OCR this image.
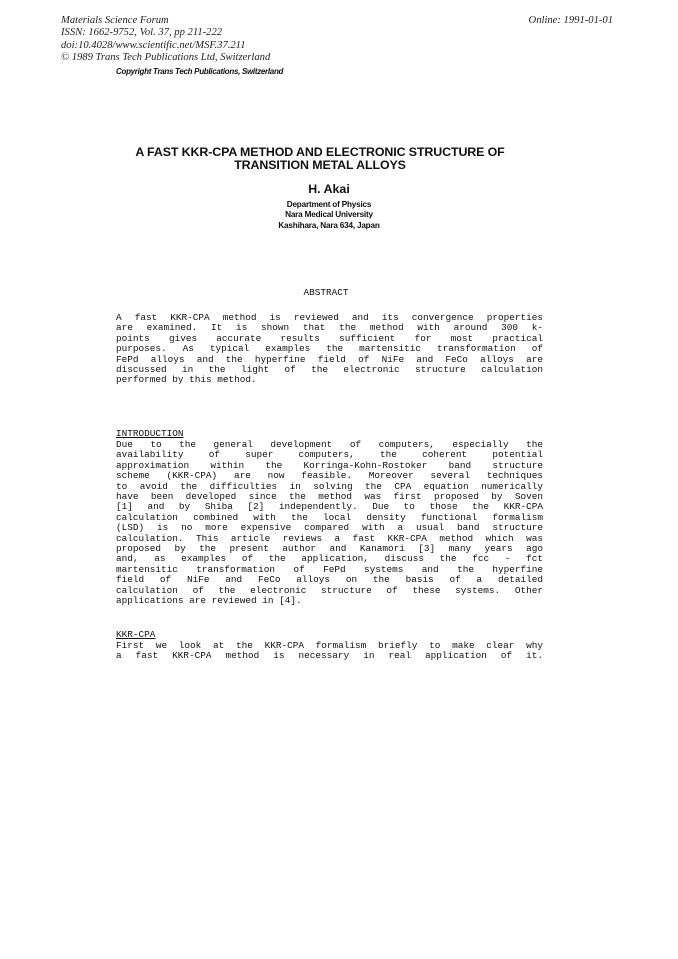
Materials Science Forum
ISSN: 1662-9752, Vol. 37, pp 211-222
doi:10.4028/www.scientific.net/MSF.37.211
© 1989 Trans Tech Publications Ltd, Switzerland
Online: 1991-01-01
Copyright Trans Tech Publications, Switzerland
A FAST KKR-CPA METHOD AND ELECTRONIC STRUCTURE OF
TRANSITION METAL ALLOYS
H. Akai
Department of Physics
Nara Medical University
Kashihara, Nara 634, Japan
ABSTRACT
A fast KKR-CPA method is reviewed and its convergence properties
are examined. It is shown that the method with around 300 k-
points gives accurate results sufficient for most practical
purposes. As typical examples the martensitic transformation of
FePd alloys and the hyperfine field of NiFe and FeCo alloys are
discussed in the light of the electronic structure calculation
performed by this method.
INTRODUCTION
Due to the general development of computers, especially the
availability of super computers, the coherent potential
approximation within the Korringa-Kohn-Rostoker band structure
scheme (KKR-CPA) are now feasible. Moreover several techniques
to avoid the difficulties in solving the CPA equation numerically
have been developed since the method was first proposed by Soven
[1] and by Shiba [2] independently. Due to those the KKR-CPA
calculation combined with the local density functional formalism
(LSD) is no more expensive compared with a usual band structure
calculation. This article reviews a fast KKR-CPA method which was
proposed by the present author and Kanamori [3] many years ago
and, as examples of the application, discuss the fcc - fct
martensitic transformation of FePd systems and the hyperfine
field of NiFe and FeCo alloys on the basis of a detailed
calculation of the electronic structure of these systems. Other
applications are reviewed in [4].
KKR-CPA
First we look at the KKR-CPA formalism briefly to make clear why
a fast KKR-CPA method is necessary in real application of it.
